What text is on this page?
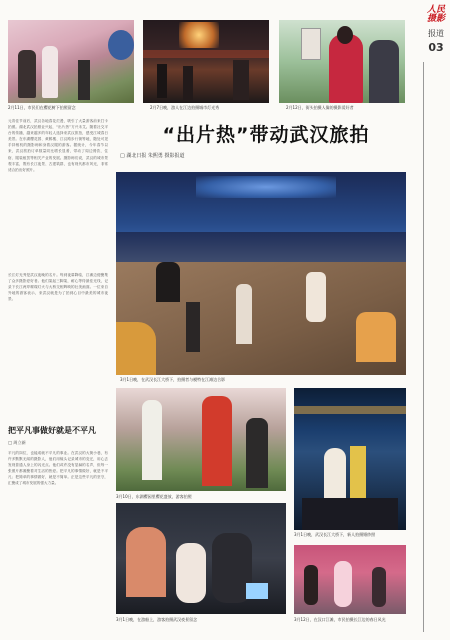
2月11日，市民们在樱花树下拍照留念	2月7日晚，游人在江边拍摄城市灯光秀	2月12日，街头拍摄人像的摄影爱好者
人民摄影
报道
03
元宵佳节前后，武汉各地春花烂漫，吸引了大量游客前来打卡拍照。湖北武汉拍照业兴起，“出片热”方兴未艾。随着社交平台的传播，越来越多的年轻人选择来武汉旅拍，感受江城春日美景。在东湖樱花园、黄鹤楼、江汉路步行街等地，随处可见手持相机的摄影师和身着汉服的游客。据统计，今年春节以来，武汉旅拍订单数量同比增长显著，带动了周边餐饮、住宿、服装租赁等相关产业的发展。摄影师们说，武汉的城市景观丰富，既有长江夜景、古建筑群，也有现代都市风光，非常适合拍出好照片。
长江灯光秀是武汉夜晚的名片。每到夜幕降临，江滩边便聚集了众多摄影爱好者。他们架起三脚架，耐心等待最佳光线，记录下长江两岸璀璨灯火与大桥交相辉映的壮美画面。一位来自外地的游客表示，来武汉就是为了拍到心目中最美的城市夜景。
“出片热”带动武汉旅拍
□ 湖北日报 朱熙勇 摄影报道
3月1日晚，在武汉长江大桥下，拍摄者与模特在江滩边合影
把平凡事做好就是不平凡
□ 周立新
平凡的岗位，也能成就不平凡的事业。在武汉的大街小巷，有许多默默无闻的摄影人，他们用镜头记录城市的变迁，用心去发现普通人身上的闪光点。他们或许没有显赫的名声，但每一张照片都凝聚着对生活的热爱。把平凡的事情做好，就是不平凡；把简单的事情做好，就是不简单。正是这些平凡的坚守，汇聚成了城市发展的强大力量。
3月10日，东湖樱园里樱花盛放，游客拍照
3月1日晚，武汉长江大桥下，新人拍摄婚纱照
3月1日晚，在游船上，游客拍摄武汉夜景留念	3月12日，在汉口江滩，市民拍摄长江边的春日风光
